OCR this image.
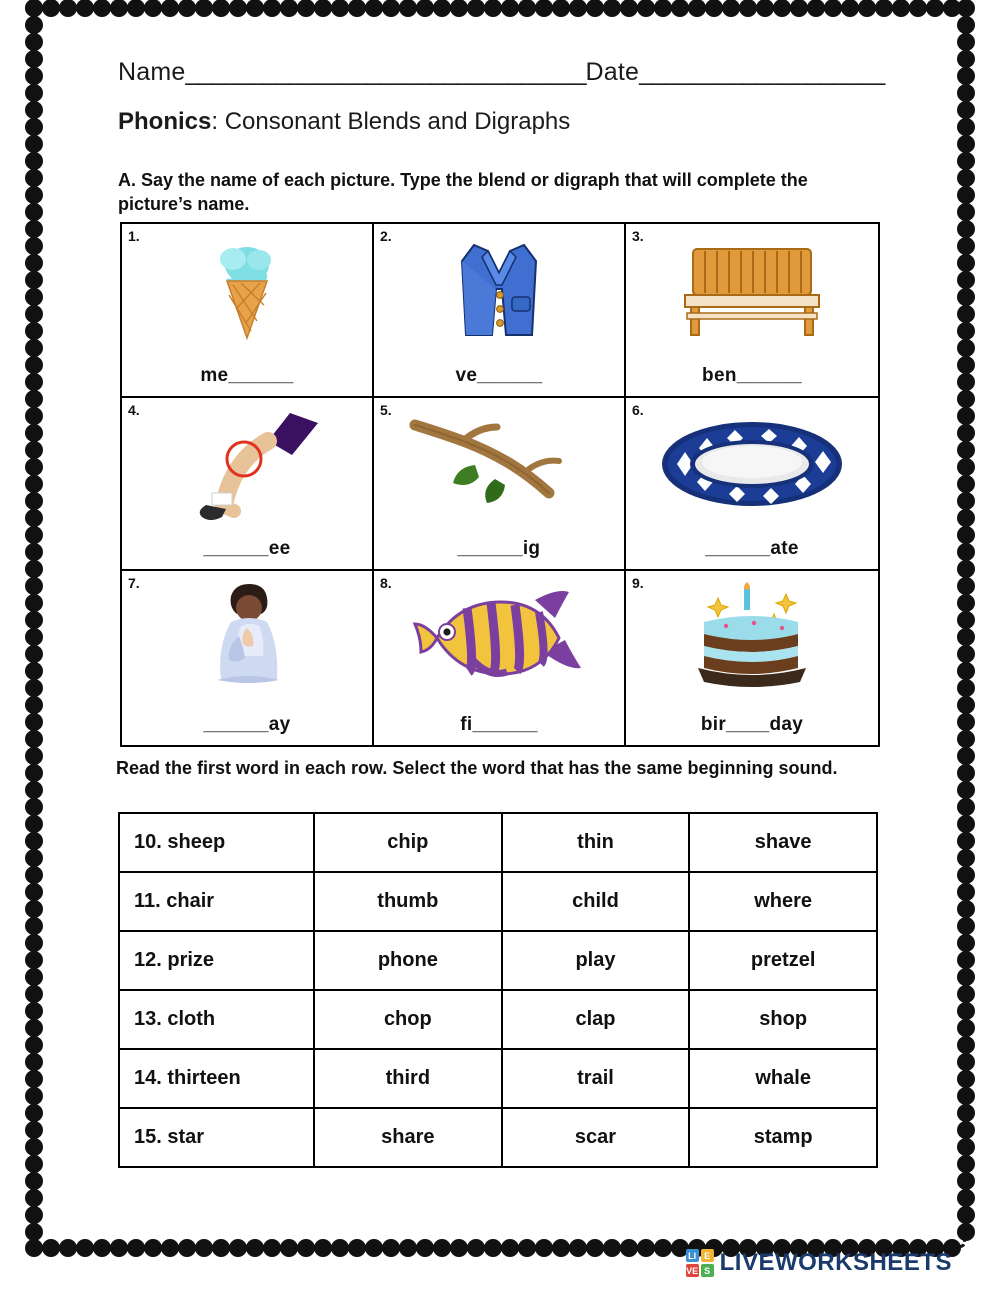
Name_______________________________Date___________________
Phonics: Consonant Blends and Digraphs
A. Say the name of each picture. Type the blend or digraph that will complete the picture’s name.
1.
me______
2.
ve______
3.
ben______
4.
______ee
5.
______ig
6.
______ate
7.
______ay
8.
fi______
9.
bir____day
Read the first word in each row. Select the word that has the same beginning sound.
10. sheep	chip	thin	shave
11. chair	thumb	child	where
12. prize	phone	play	pretzel
13. cloth	chop	clap	shop
14. thirteen	third	trail	whale
15. star	share	scar	stamp
LI E
VE S LIVEWORKSHEETS
